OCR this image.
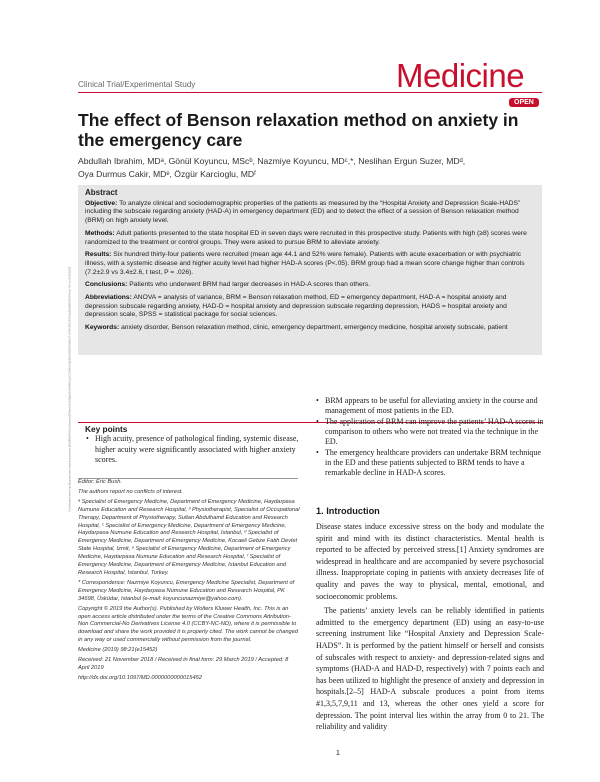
Clinical Trial/Experimental Study	Medicine
OPEN
The effect of Benson relaxation method on anxiety in the emergency care
Abdullah Ibrahim, MDᵃ, Gönül Koyuncu, MScᵇ, Nazmiye Koyuncu, MDᶜ,*, Neslihan Ergun Suzer, MDᵈ,
Oya Durmus Cakir, MDᵉ, Özgür Karcioglu, MDᶠ
Abstract

Objective: To analyze clinical and sociodemographic properties of the patients as measured by the “Hospital Anxiety and Depression Scale-HADS” including the subscale regarding anxiety (HAD-A) in emergency department (ED) and to detect the effect of a session of Benson relaxation method (BRM) on high anxiety level.

Methods: Adult patients presented to the state hospital ED in seven days were recruited in this prospective study. Patients with high (≥8) scores were randomized to the treatment or control groups. They were asked to pursue BRM to alleviate anxiety.

Results: Six hundred thirty-four patients were recruited (mean age 44.1 and 52% were female). Patients with acute exacerbation or with psychiatric illness, with a systemic disease and higher acuity level had higher HAD-A scores (P<.05). BRM group had a mean score change higher than controls (7.2±2.9 vs 3.4±2.6, t test, P = .026).

Conclusions: Patients who underwent BRM had larger decreases in HAD-A scores than others.

Abbreviations: ANOVA = analysis of variance, BRM = Benson relaxation method, ED = emergency department, HAD-A = hospital anxiety and depression subscale regarding anxiety, HAD-D = hospital anxiety and depression subscale regarding depression, HADS = hospital anxiety and depression scale, SPSS = statistical package for social sciences.

Keywords: anxiety disorder, Benson relaxation method, clinic, emergency department, emergency medicine, hospital anxiety subscale, patient

Downloaded from http://journals.lww.com/md-journal by BhDMf5ePHKav1zEoum1tQfN4a+kJLhEZgbsIHo4XMi0hCywCX1AWnYQp/IlQrHD3i3D0OdRyi7TvSFl4Cf3VC4/OAVpDDa8KKGKV0Ymy+78= on 10/16/2023 Key points
• High acuity, presence of pathological finding, systemic disease, higher acuity were significantly associated with higher anxiety scores.
• BRM appears to be useful for alleviating anxiety in the course and management of most patients in the ED.
• The application of BRM can improve the patients’ HAD-A scores in comparison to others who were not treated via the technique in the ED.
• The emergency healthcare providers can undertake BRM technique in the ED and these patients subjected to BRM tends to have a remarkable decline in HAD-A scores.

Editor: Eric Bush.

The authors report no conflicts of interest.

ᵃ Specialist of Emergency Medicine, Department of Emergency Medicine, Haydarpasa Numune Education and Research Hospital, ᵇ Physiotherapist, Specialist of Occupational Therapy, Department of Physiotherapy, Sultan Abdulhamit Education and Research Hospital, ᶜ Specialist of Emergency Medicine, Department of Emergency Medicine, Haydarpasa Numune Education and Research Hospital, Istanbul, ᵈ Specialist of Emergency Medicine, Department of Emergency Medicine, Kocaeli Gebze Fatih Devlet State Hospital, Izmit, ᵉ Specialist of Emergency Medicine, Department of Emergency Medicine, Haydarpasa Numune Education and Research Hospital, ᶠ Specialist of Emergency Medicine, Department of Emergency Medicine, Istanbul Education and Research Hospital, Istanbul, Turkey.

* Correspondence: Nazmiye Koyuncu, Emergency Medicine Specialist, Department of Emergency Medicine, Haydarpasa Numune Education and Research Hospital, PK 34698, Üsküdar, Istanbul (e-mail: koyuncunazmiye@yahoo.com).

Copyright © 2019 the Author(s). Published by Wolters Kluwer Health, Inc. This is an open access article distributed under the terms of the Creative Commons Attribution-Non Commercial-No Derivatives License 4.0 (CCBY-NC-ND), where it is permissible to download and share the work provided it is properly cited. The work cannot be changed in any way or used commercially without permission from the journal.

Medicine (2019) 98:21(e15452)

Received: 21 November 2018 / Received in final form: 29 March 2019 / Accepted: 8 April 2019

http://dx.doi.org/10.1097/MD.0000000000015452

1. Introduction

Disease states induce excessive stress on the body and modulate the spirit and mind with its distinct characteristics. Mental health is reported to be affected by perceived stress.[1] Anxiety syndromes are widespread in healthcare and are accompanied by severe psychosocial illness. Inappropriate coping in patients with anxiety decreases life of quality and paves the way to physical, mental, emotional, and socioeconomic problems.

The patients’ anxiety levels can be reliably identified in patients admitted to the emergency department (ED) using an easy-to-use screening instrument like “Hospital Anxiety and Depression Scale- HADS”. It is performed by the patient himself or herself and consists of subscales with respect to anxiety- and depression-related signs and symptoms (HAD-A and HAD-D, respectively) with 7 points each and has been utilized to highlight the presence of anxiety and depression in hospitals.[2–5] HAD-A subscale produces a point from items #1,3,5,7,9,11 and 13, whereas the other ones yield a score for depression. The point interval lies within the array from 0 to 21. The reliability and validity

1
